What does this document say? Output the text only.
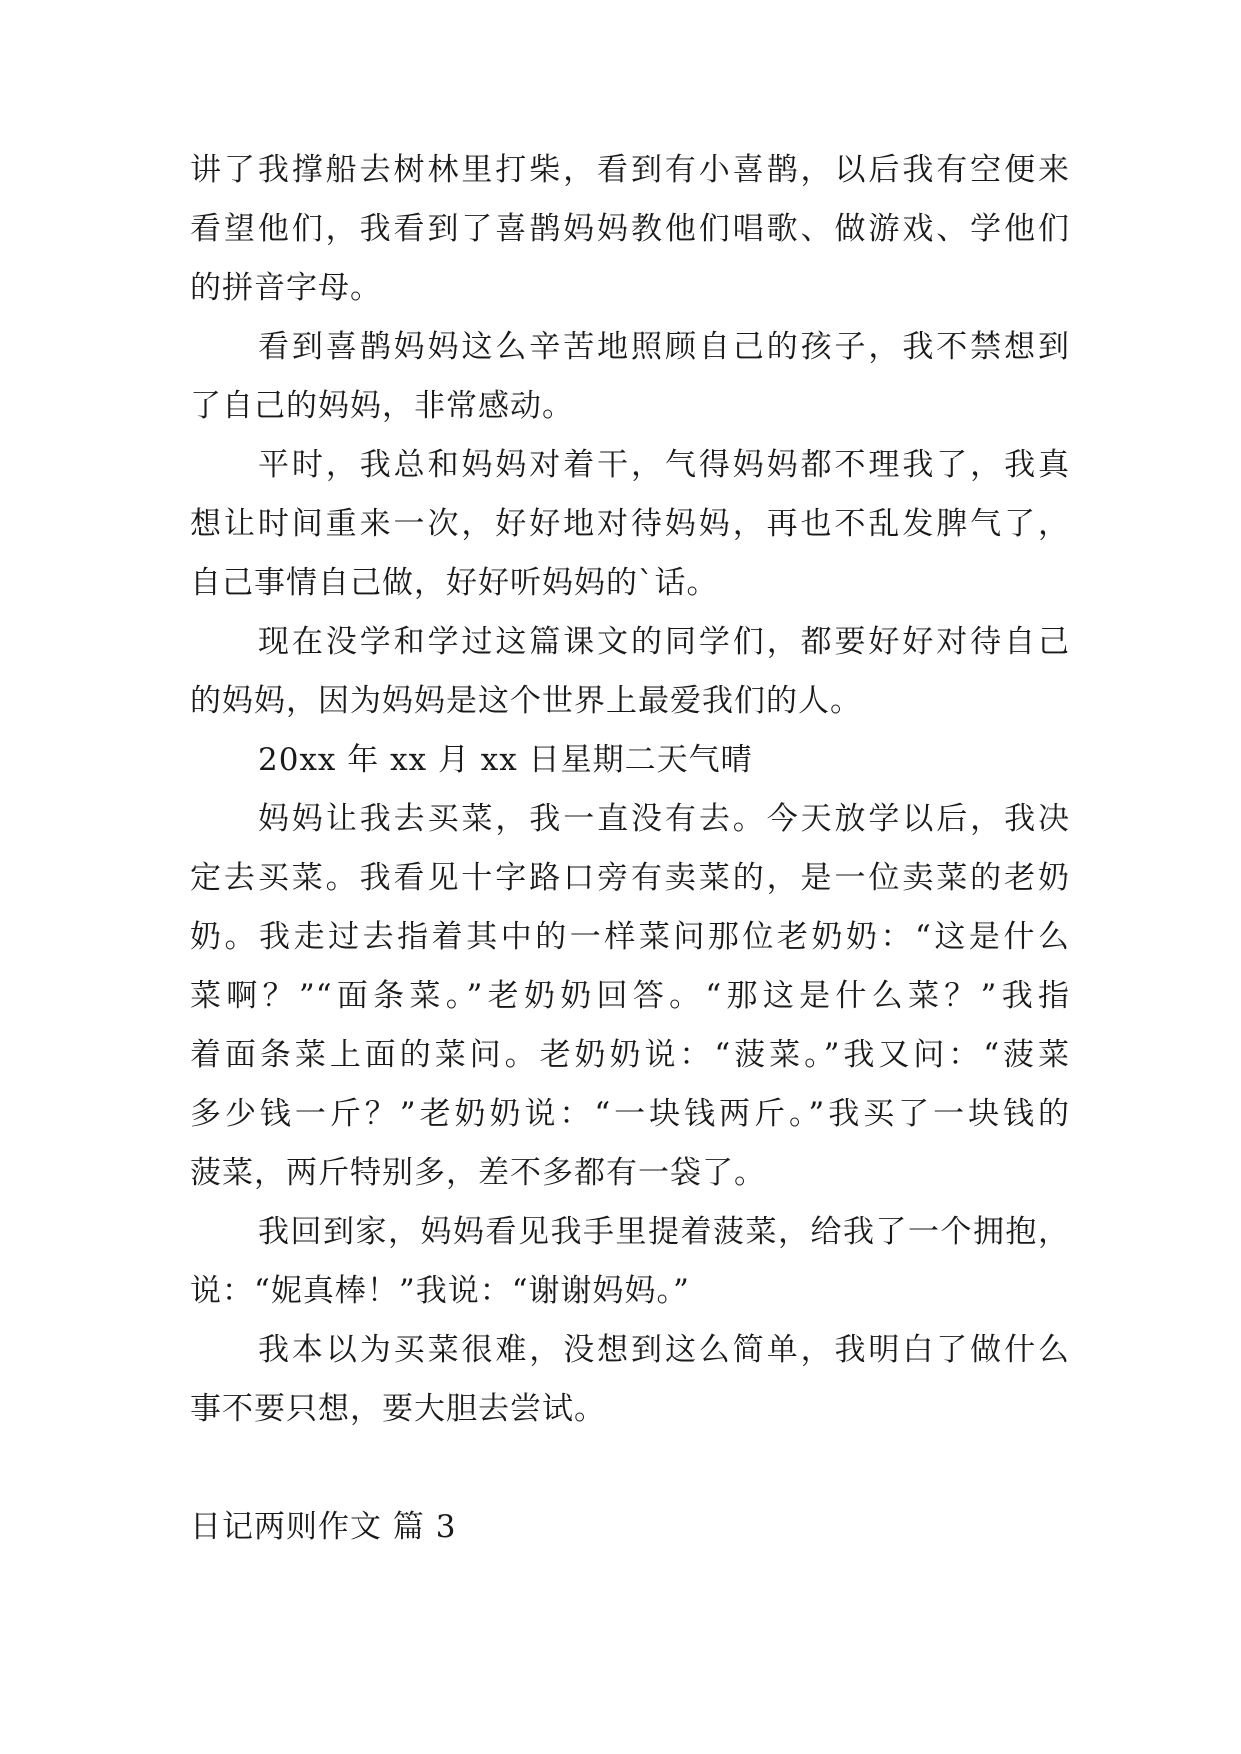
讲了我撑船去树林里打柴，看到有小喜鹊，以后我有空便来
看望他们，我看到了喜鹊妈妈教他们唱歌、做游戏、学他们
的拼音字母。
看到喜鹊妈妈这么辛苦地照顾自己的孩子，我不禁想到
了自己的妈妈，非常感动。
平时，我总和妈妈对着干，气得妈妈都不理我了，我真
想让时间重来一次，好好地对待妈妈，再也不乱发脾气了，
自己事情自己做，好好听妈妈的`话。
现在没学和学过这篇课文的同学们，都要好好对待自己
的妈妈，因为妈妈是这个世界上最爱我们的人。
20xx 年 xx 月 xx 日星期二天气晴
妈妈让我去买菜，我一直没有去。今天放学以后，我决
定去买菜。我看见十字路口旁有卖菜的，是一位卖菜的老奶
奶。我走过去指着其中的一样菜问那位老奶奶：“这是什么
菜啊？”“面条菜。”老奶奶回答。“那这是什么菜？”我指
着面条菜上面的菜问。老奶奶说：“菠菜。”我又问：“菠菜
多少钱一斤？”老奶奶说：“一块钱两斤。”我买了一块钱的
菠菜，两斤特别多，差不多都有一袋了。
我回到家，妈妈看见我手里提着菠菜，给我了一个拥抱，
说：“妮真棒！”我说：“谢谢妈妈。”
我本以为买菜很难，没想到这么简单，我明白了做什么
事不要只想，要大胆去尝试。
日记两则作文 篇 3
